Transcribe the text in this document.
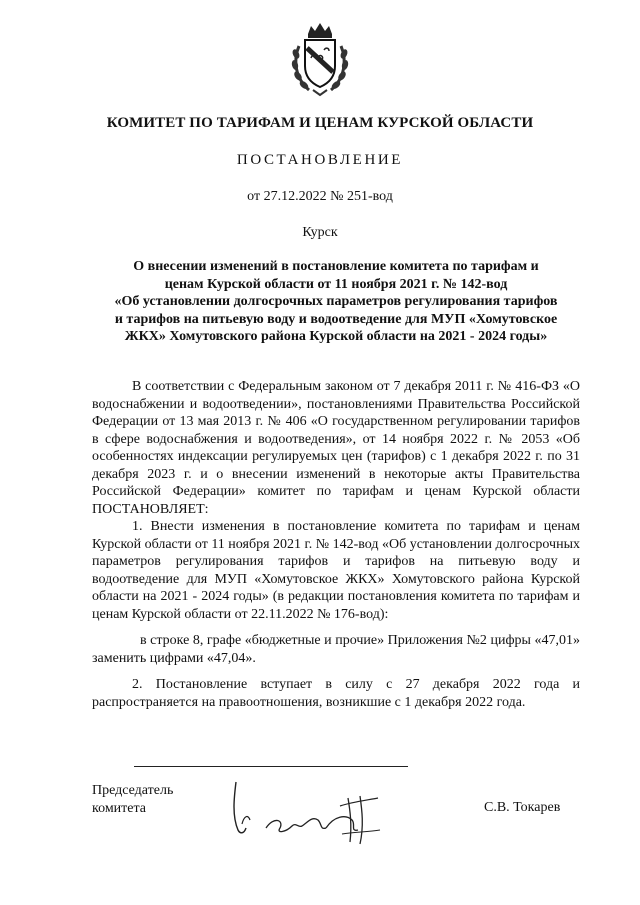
КОМИТЕТ ПО ТАРИФАМ И ЦЕНАМ КУРСКОЙ ОБЛАСТИ
ПОСТАНОВЛЕНИЕ
от 27.12.2022 № 251-вод
Курск
О внесении изменений в постановление комитета по тарифам и
ценам Курской области от 11 ноября 2021 г. № 142-вод
«Об установлении долгосрочных параметров регулирования тарифов
и тарифов на питьевую воду и водоотведение для МУП «Хомутовское
ЖКХ» Хомутовского района Курской области на 2021 - 2024 годы»

В соответствии с Федеральным законом от 7 декабря 2011 г. № 416-ФЗ «О водоснабжении и водоотведении», постановлениями Правительства Российской Федерации от 13 мая 2013 г. № 406 «О государственном регулировании тарифов в сфере водоснабжения и водоотведения», от 14 ноября 2022 г. № 2053 «Об особенностях индексации регулируемых цен (тарифов) с 1 декабря 2022 г. по 31 декабря 2023 г. и о внесении изменений в некоторые акты Правительства Российской Федерации» комитет по тарифам и ценам Курской области ПОСТАНОВЛЯЕТ:

1. Внести изменения в постановление комитета по тарифам и ценам Курской области от 11 ноября 2021 г. № 142-вод «Об установлении долгосрочных параметров регулирования тарифов и тарифов на питьевую воду и водоотведение для МУП «Хомутовское ЖКХ» Хомутовского района Курской области на 2021 - 2024 годы» (в редакции постановления комитета по тарифам и ценам Курской области от 22.11.2022 № 176-вод):

в строке 8, графе «бюджетные и прочие» Приложения №2 цифры «47,01» заменить цифрами «47,04».

2. Постановление вступает в силу с 27 декабря 2022 года и распространяется на правоотношения, возникшие с 1 декабря 2022 года.

Председатель
комитета	С.В. Токарев
